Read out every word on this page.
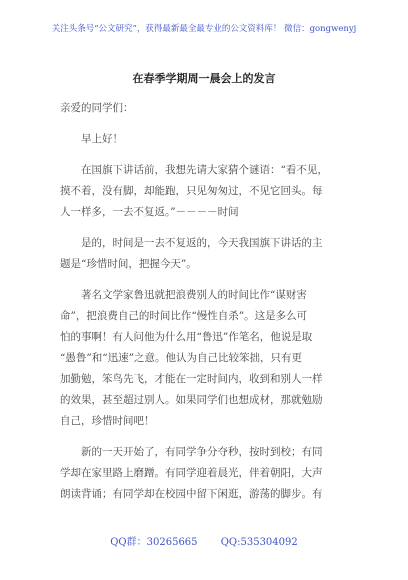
关注头条号“公文研究”，获得最新最全最专业的公文资料库！ 微信：gongwenyj
在春季学期周一晨会上的发言

亲爱的同学们：

早上好！

在国旗下讲话前，我想先请大家猜个谜语：“看不见，
摸不着，没有脚，却能跑，只见匆匆过，不见它回头。每
人一样多，一去不复返。”－－－－时间

是的，时间是一去不复返的，今天我国旗下讲话的主
题是“珍惜时间，把握今天”。

著名文学家鲁迅就把浪费别人的时间比作“谋财害
命”，把浪费自己的时间比作“慢性自杀”。这是多么可
怕的事啊！有人问他为什么用“鲁迅”作笔名，他说是取
“愚鲁”和“迅速”之意。他认为自己比较笨拙，只有更
加勤勉，笨鸟先飞，才能在一定时间内，收到和别人一样
的效果，甚至超过别人。如果同学们也想成材，那就勉励
自己，珍惜时间吧！

新的一天开始了，有同学争分夺秒，按时到校；有同
学却在家里路上磨蹭。有同学迎着晨光，伴着朝阳，大声
朗读背诵；有同学却在校园中留下闲逛，游荡的脚步。有

QQ群：30265665 QQ:535304092
